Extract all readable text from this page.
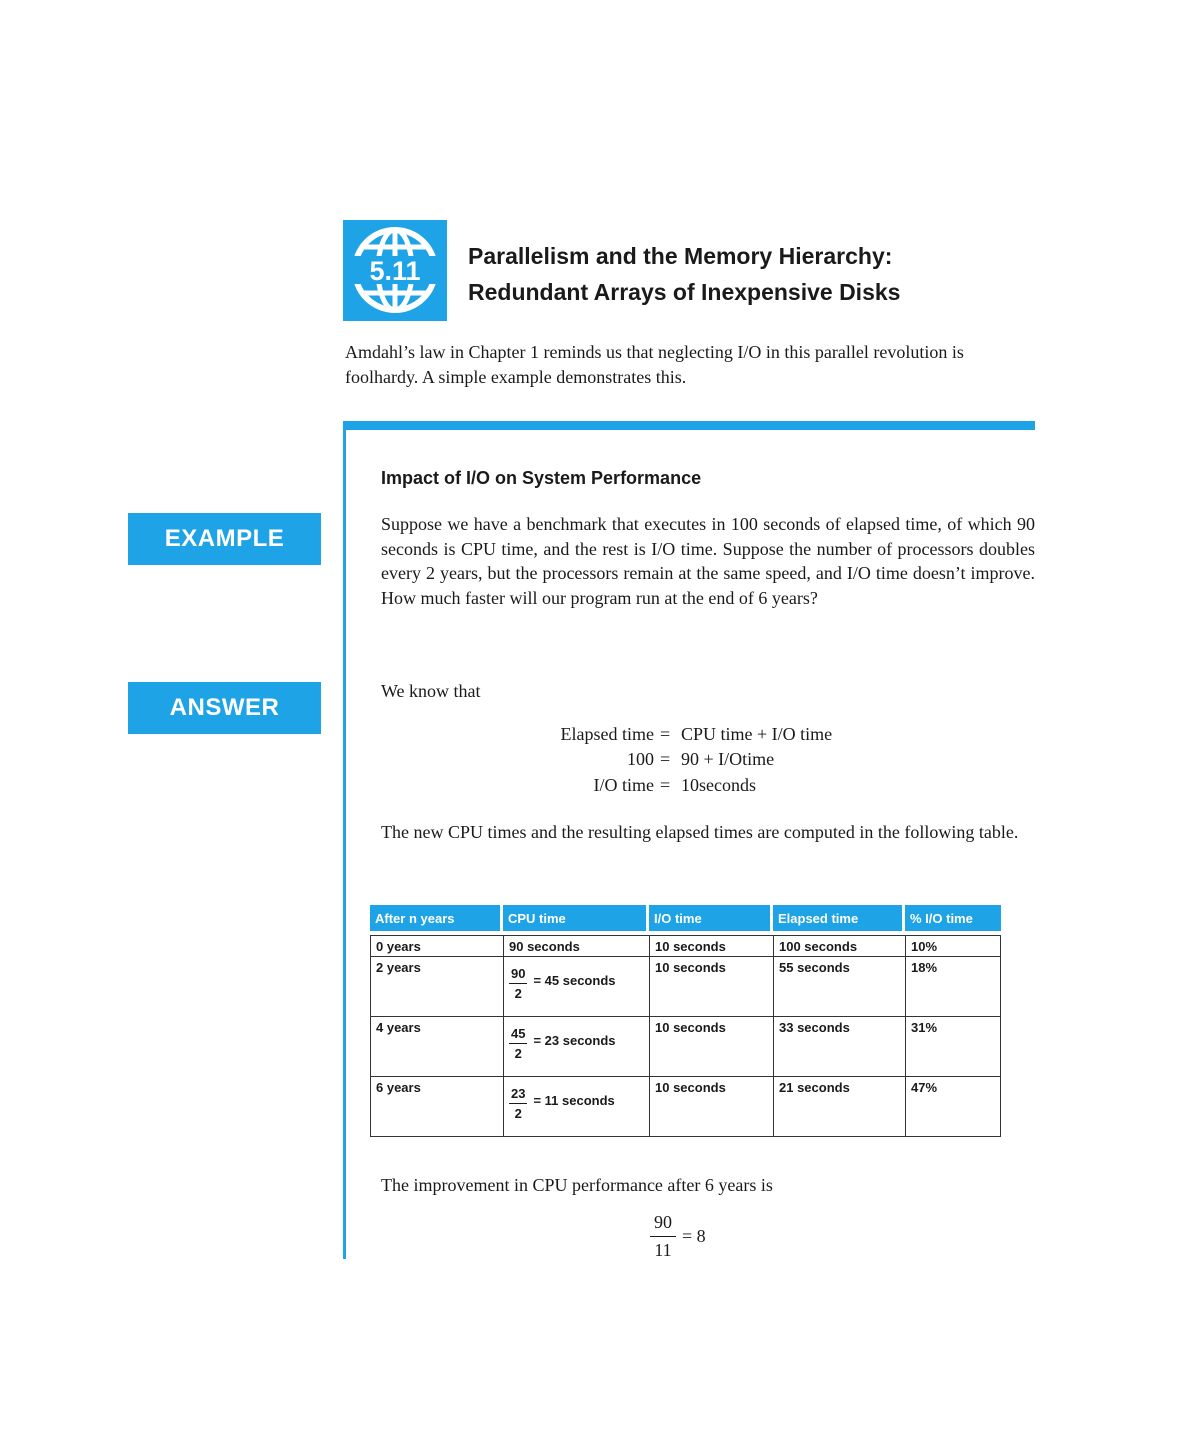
5.11 Parallelism and the Memory Hierarchy:
Redundant Arrays of Inexpensive Disks
Amdahl’s law in Chapter 1 reminds us that neglecting I/O in this parallel revolution is foolhardy. A simple example demonstrates this.
EXAMPLE
ANSWER
Impact of I/O on System Performance
Suppose we have a benchmark that executes in 100 seconds of elapsed time, of which 90 seconds is CPU time, and the rest is I/O time. Suppose the number of processors doubles every 2 years, but the processors remain at the same speed, and I/O time doesn’t improve. How much faster will our program run at the end of 6 years?
We know that
Elapsed time = CPU time + I/O time
100 = 90 + I/Otime
I/O time = 10seconds
The new CPU times and the resulting elapsed times are computed in the following table.
After n years	CPU time	I/O time	Elapsed time	% I/O time

0 years	90 seconds	10 seconds	100 seconds	10%
2 years	$\frac{90}{2} = 45$ seconds	10 seconds	55 seconds	18%
4 years	$\frac{45}{2} = 23$ seconds	10 seconds	33 seconds	31%
6 years	$\frac{23}{2} = 11$ seconds	10 seconds	21 seconds	47%
The improvement in CPU performance after 6 years is
$\frac{90}{11} = 8$
